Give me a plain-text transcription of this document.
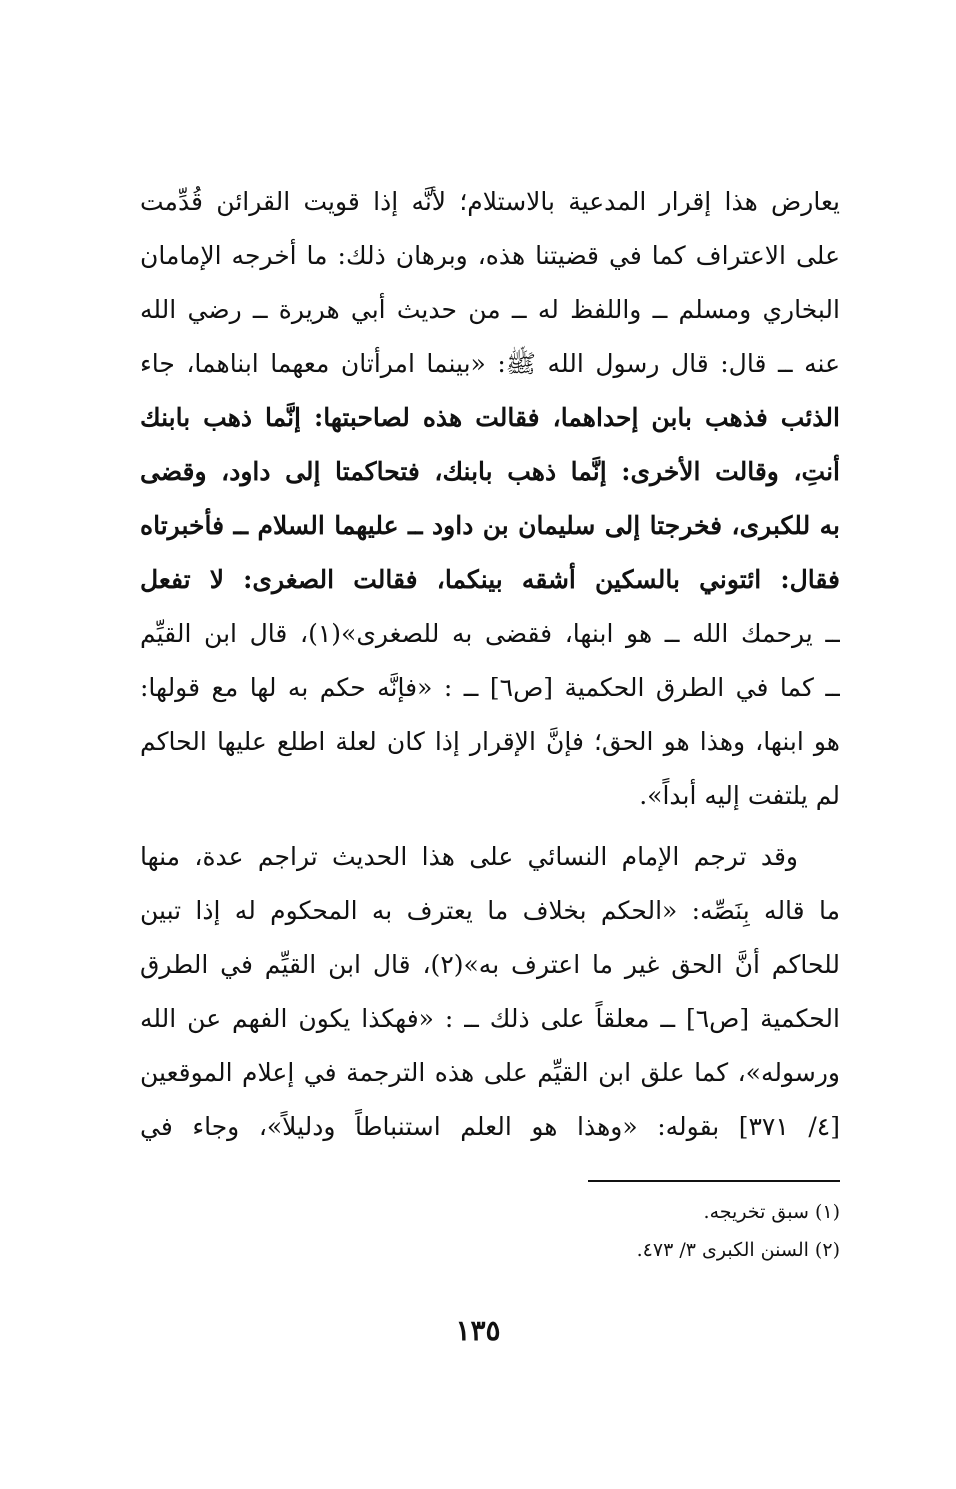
يعارض هذا إقرار المدعية بالاستلام؛ لأنَّه إذا قويت القرائن قُدِّمت
على الاعتراف كما في قضيتنا هذه، وبرهان ذلك: ما أخرجه الإمامان
البخاري ومسلم ــ واللفظ له ــ من حديث أبي هريرة ــ رضي الله
عنه ــ قال: قال رسول الله ﷺ: «بينما امرأتان معهما ابناهما، جاء
الذئب فذهب بابن إحداهما، فقالت هذه لصاحبتها: إنَّما ذهب بابنك
أنتِ، وقالت الأخرى: إنَّما ذهب بابنك، فتحاكمتا إلى داود، وقضى
به للكبرى، فخرجتا إلى سليمان بن داود ــ عليهما السلام ــ فأخبرتاه
فقال: ائتوني بالسكين أشقه بينكما، فقالت الصغرى: لا تفعل
ــ يرحمك الله ــ هو ابنها، فقضى به للصغرى»(١)، قال ابن القيِّم
ــ كما في الطرق الحكمية [ص٦] ــ : «فإنَّه حكم به لها مع قولها:
هو ابنها، وهذا هو الحق؛ فإنَّ الإقرار إذا كان لعلة اطلع عليها الحاكم
لم يلتفت إليه أبداً».
وقد ترجم الإمام النسائي على هذا الحديث تراجم عدة، منها
ما قاله بِنَصِّه: «الحكم بخلاف ما يعترف به المحكوم له إذا تبين
للحاكم أنَّ الحق غير ما اعترف به»(٢)، قال ابن القيِّم في الطرق
الحكمية [ص٦] ــ معلقاً على ذلك ــ : «فهكذا يكون الفهم عن الله
ورسوله»، كما علق ابن القيِّم على هذه الترجمة في إعلام الموقعين
[٤/ ٣٧١] بقوله: «وهذا هو العلم استنباطاً ودليلاً»، وجاء في
(١) سبق تخريجه.
(٢) السنن الكبرى ٣/ ٤٧٣.
١٣٥
